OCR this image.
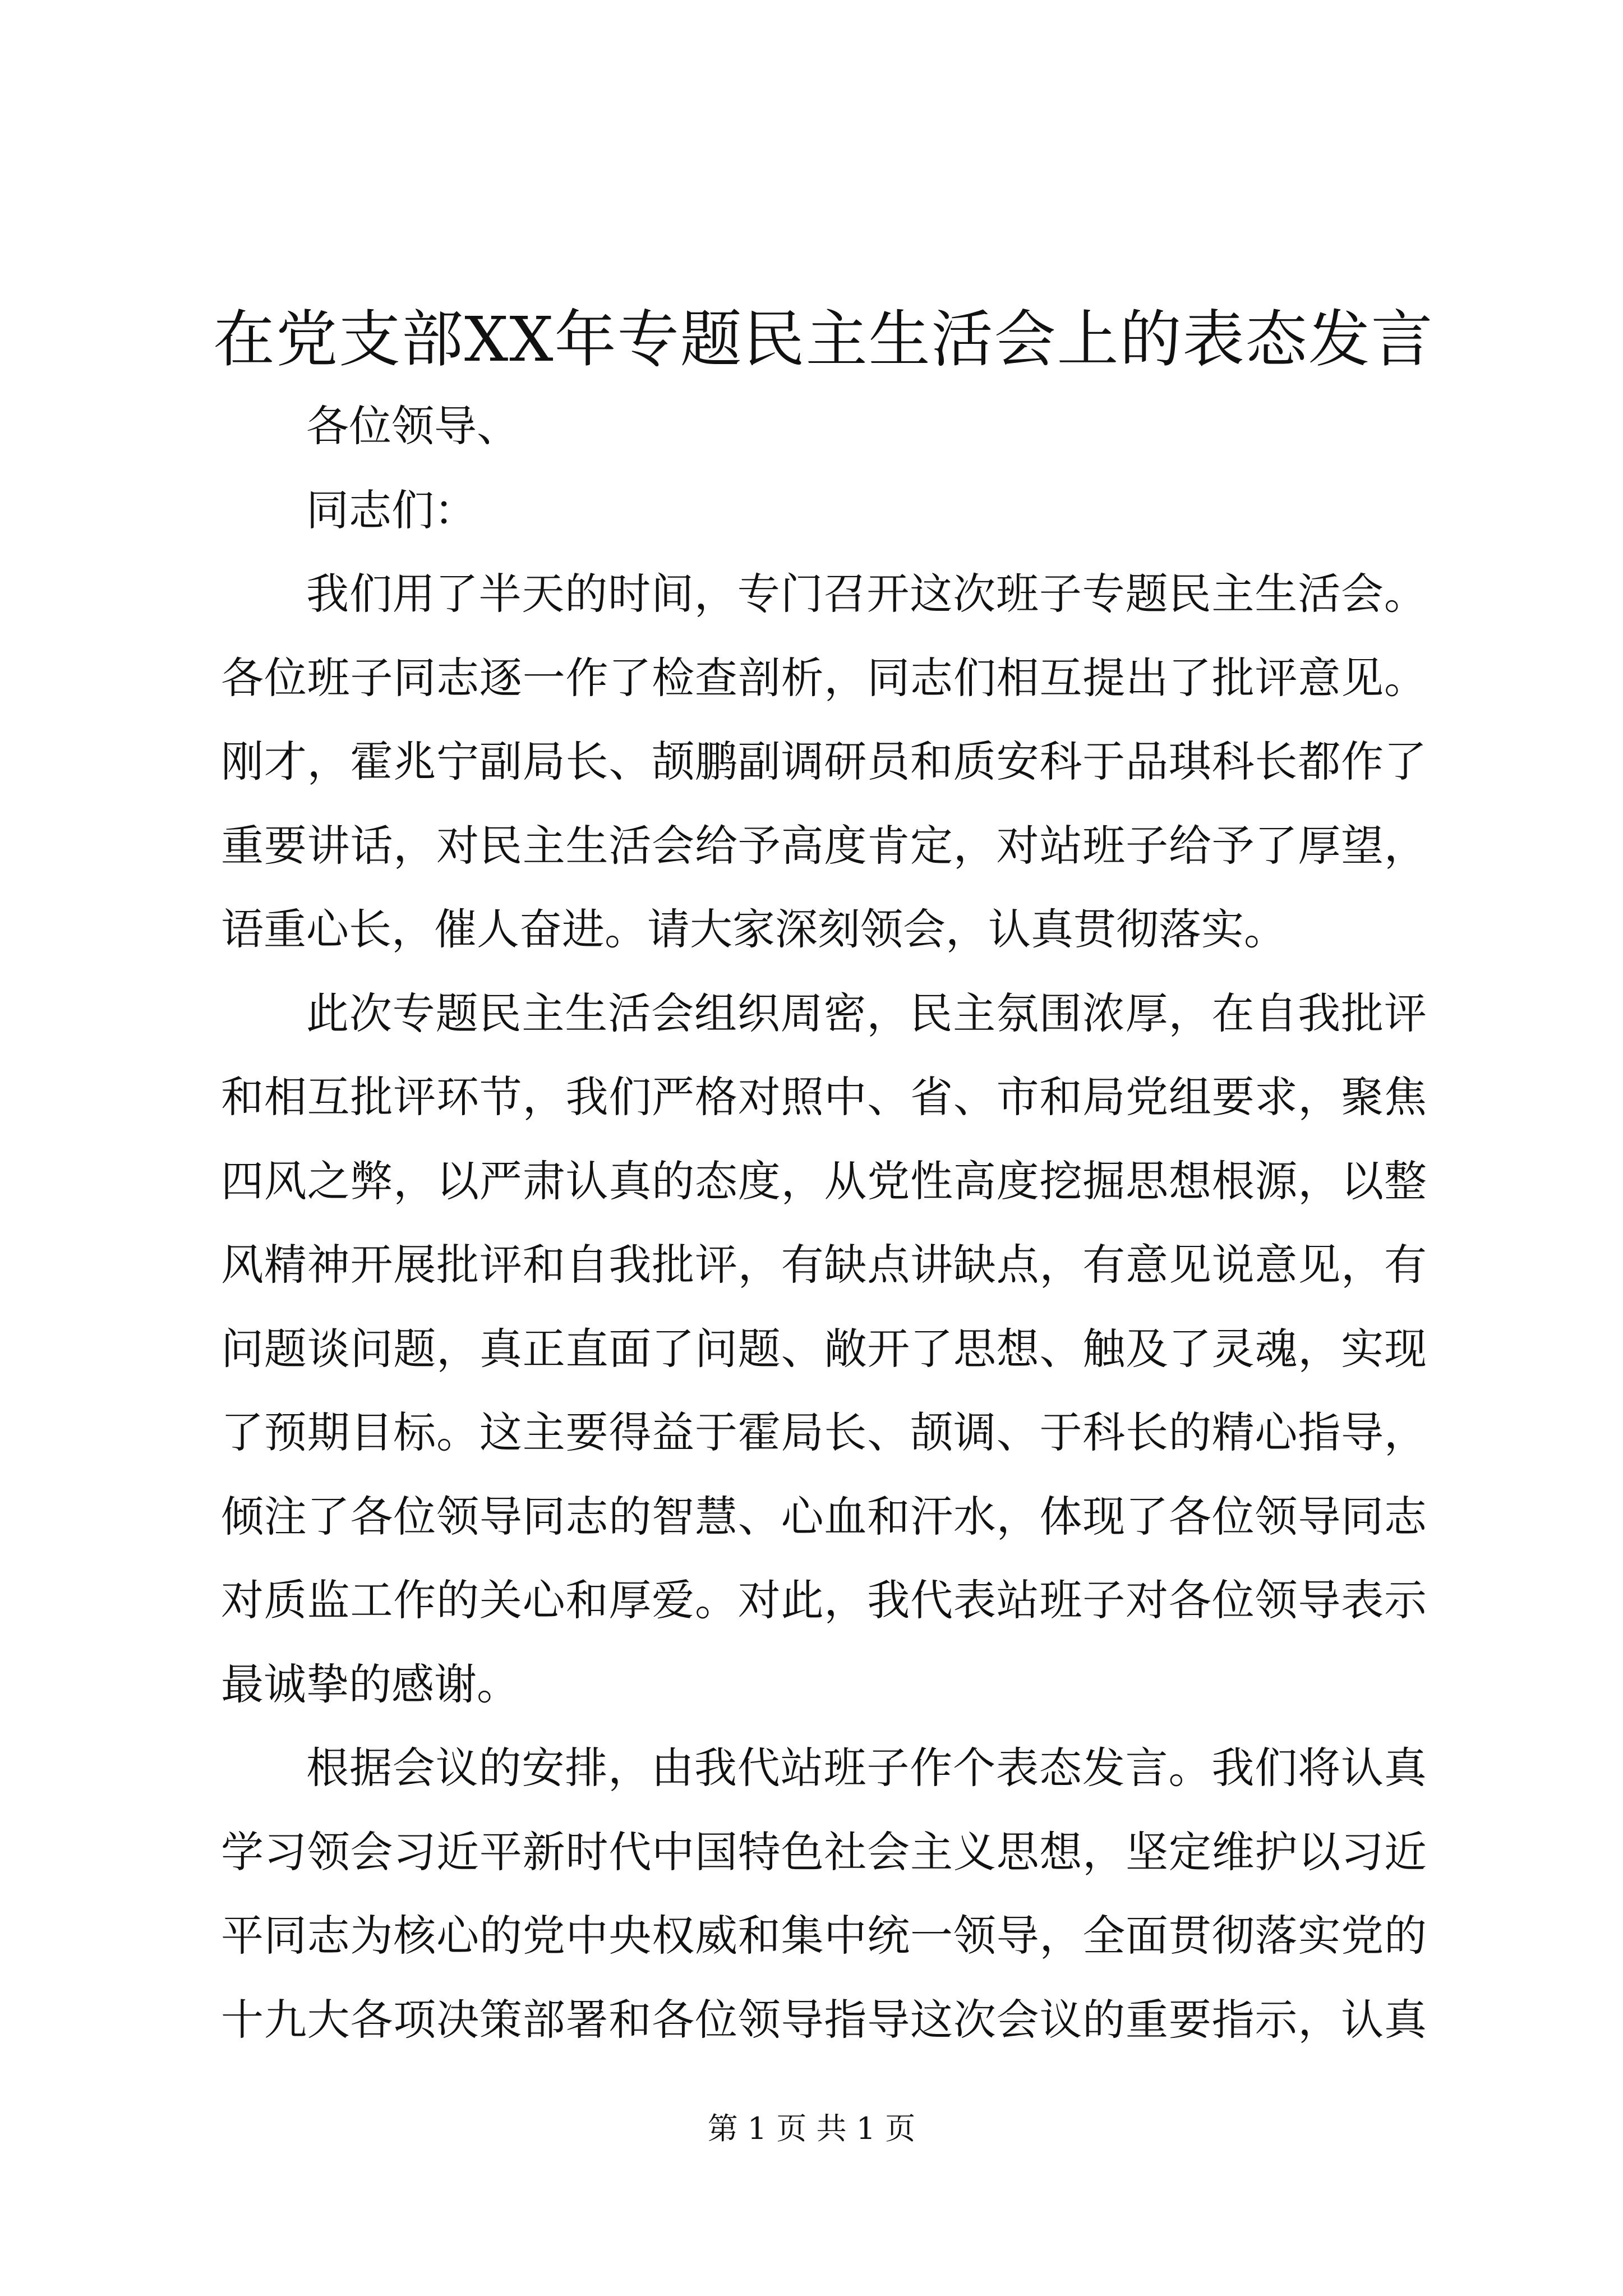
在党支部XX年专题民主生活会上的表态发言
各位领导、
同志们：
我 们 用 了 半 天 的 时 间 ， 专 门 召 开 这 次 班 子 专 题 民 主 生 活 会 。
各 位 班 子 同 志 逐 一 作 了 检 查 剖 析 ， 同 志 们 相 互 提 出 了 批 评 意 见 。
刚 才 ， 霍 兆 宁 副 局 长 、 颉 鹏 副 调 研 员 和 质 安 科 于 品 琪 科 长 都 作 了
重 要 讲 话 ， 对 民 主 生 活 会 给 予 高 度 肯 定 ， 对 站 班 子 给 予 了 厚 望 ，
语重心长，催人奋进。请大家深刻领会，认真贯彻落实。
此 次 专 题 民 主 生 活 会 组 织 周 密 ， 民 主 氛 围 浓 厚 ， 在 自 我 批 评
和 相 互 批 评 环 节 ， 我 们 严 格 对 照 中 、 省 、 市 和 局 党 组 要 求 ， 聚 焦
四 风 之 弊 ， 以 严 肃 认 真 的 态 度 ， 从 党 性 高 度 挖 掘 思 想 根 源 ， 以 整
风 精 神 开 展 批 评 和 自 我 批 评 ， 有 缺 点 讲 缺 点 ， 有 意 见 说 意 见 ， 有
问 题 谈 问 题 ， 真 正 直 面 了 问 题 、 敞 开 了 思 想 、 触 及 了 灵 魂 ， 实 现
了 预 期 目 标 。 这 主 要 得 益 于 霍 局 长 、 颉 调 、 于 科 长 的 精 心 指 导 ，
倾 注 了 各 位 领 导 同 志 的 智 慧 、 心 血 和 汗 水 ， 体 现 了 各 位 领 导 同 志
对 质 监 工 作 的 关 心 和 厚 爱 。 对 此 ， 我 代 表 站 班 子 对 各 位 领 导 表 示
最诚挚的感谢。
根 据 会 议 的 安 排 ， 由 我 代 站 班 子 作 个 表 态 发 言 。 我 们 将 认 真
学 习 领 会 习 近 平 新 时 代 中 国 特 色 社 会 主 义 思 想 ， 坚 定 维 护 以 习 近
平 同 志 为 核 心 的 党 中 央 权 威 和 集 中 统 一 领 导 ， 全 面 贯 彻 落 实 党 的
十 九 大 各 项 决 策 部 署 和 各 位 领 导 指 导 这 次 会 议 的 重 要 指 示 ， 认 真
第 1 页 共 1 页
